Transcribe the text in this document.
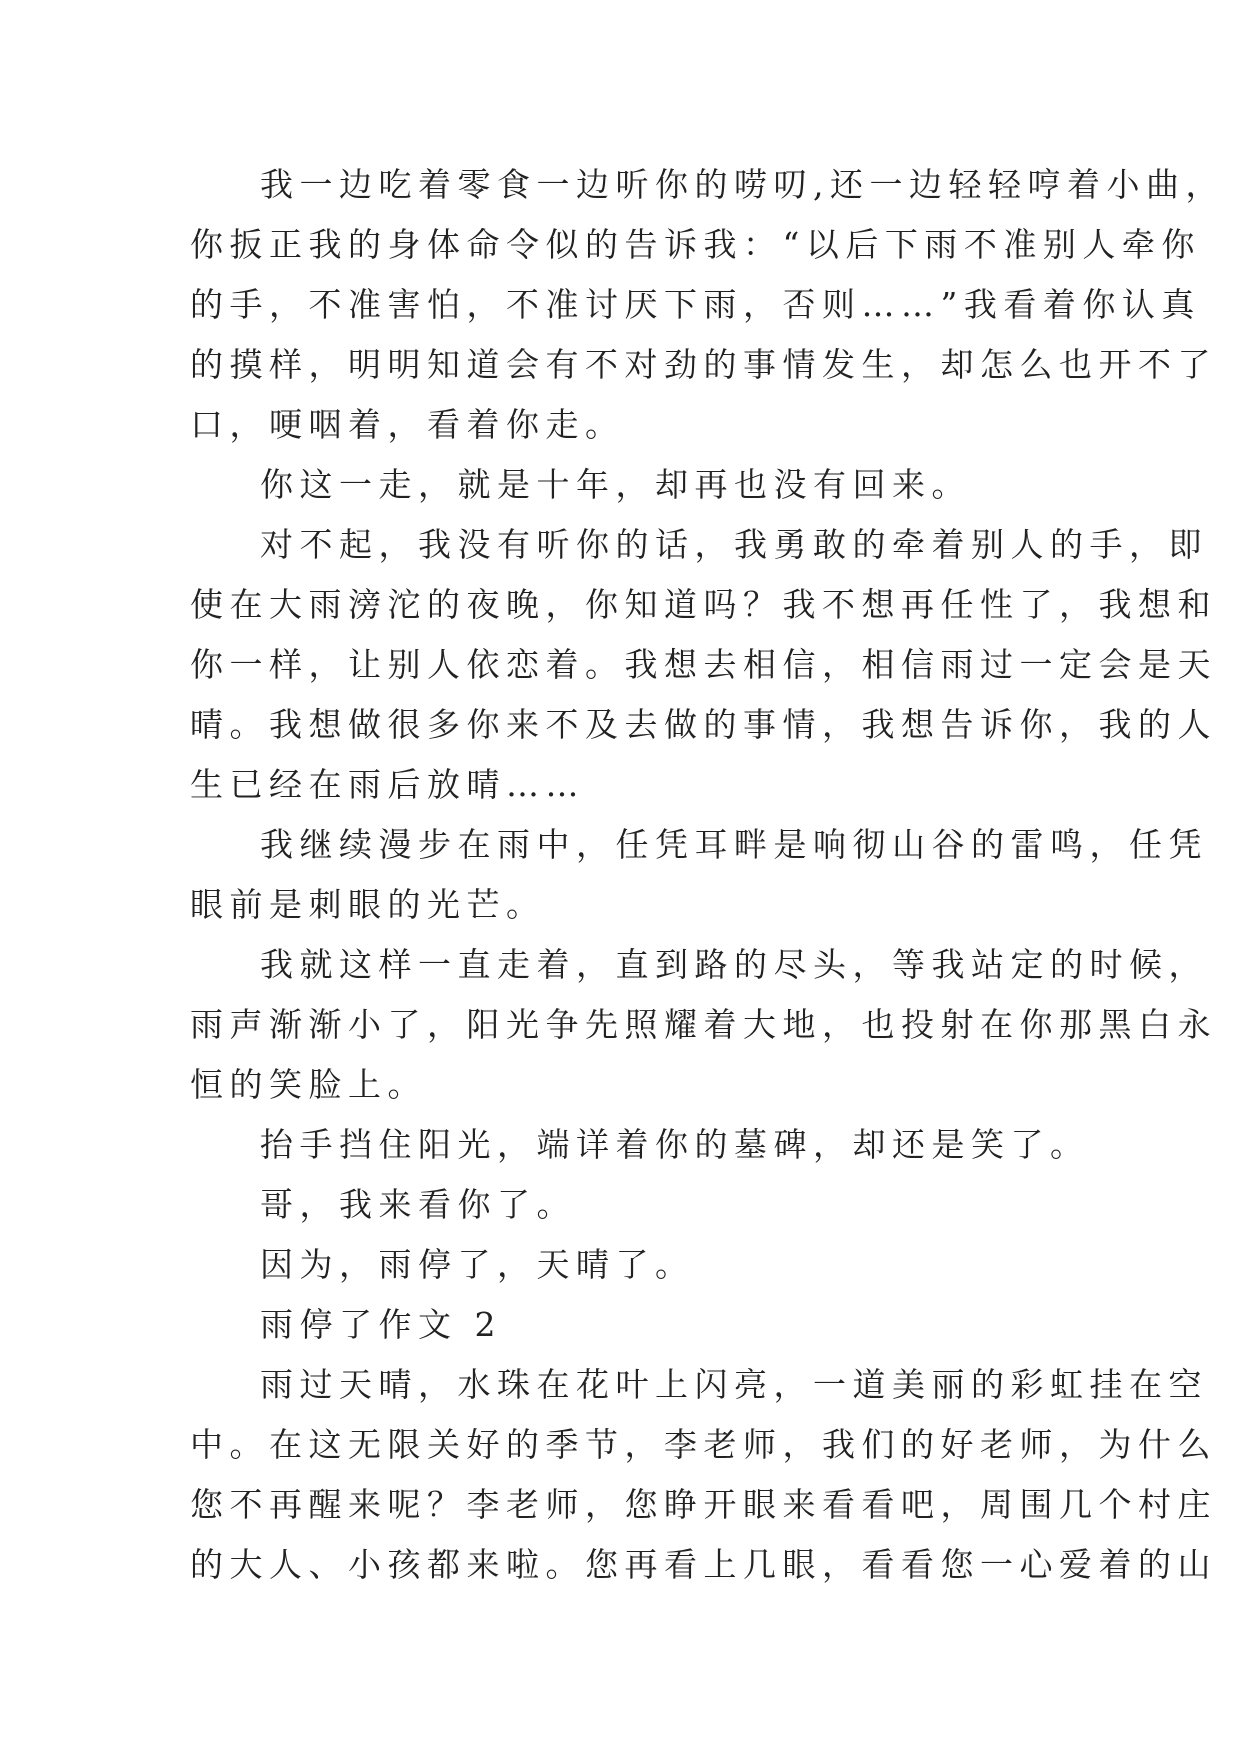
我一边吃着零食一边听你的唠叨,还一边轻轻哼着小曲，
你扳正我的身体命令似的告诉我：“以后下雨不准别人牵你
的手，不准害怕，不准讨厌下雨，否则……”我看着你认真
的摸样，明明知道会有不对劲的事情发生，却怎么也开不了
口，哽咽着，看着你走。
你这一走，就是十年，却再也没有回来。
对不起，我没有听你的话，我勇敢的牵着别人的手，即
使在大雨滂沱的夜晚，你知道吗？我不想再任性了，我想和
你一样，让别人依恋着。我想去相信，相信雨过一定会是天
晴。我想做很多你来不及去做的事情，我想告诉你，我的人
生已经在雨后放晴……
我继续漫步在雨中，任凭耳畔是响彻山谷的雷鸣，任凭
眼前是刺眼的光芒。
我就这样一直走着，直到路的尽头，等我站定的时候，
雨声渐渐小了，阳光争先照耀着大地，也投射在你那黑白永
恒的笑脸上。
抬手挡住阳光，端详着你的墓碑，却还是笑了。
哥，我来看你了。
因为，雨停了，天晴了。
雨停了作文 2
雨过天晴，水珠在花叶上闪亮，一道美丽的彩虹挂在空
中。在这无限关好的季节，李老师，我们的好老师，为什么
您不再醒来呢？李老师，您睁开眼来看看吧，周围几个村庄
的大人、小孩都来啦。您再看上几眼，看看您一心爱着的山
